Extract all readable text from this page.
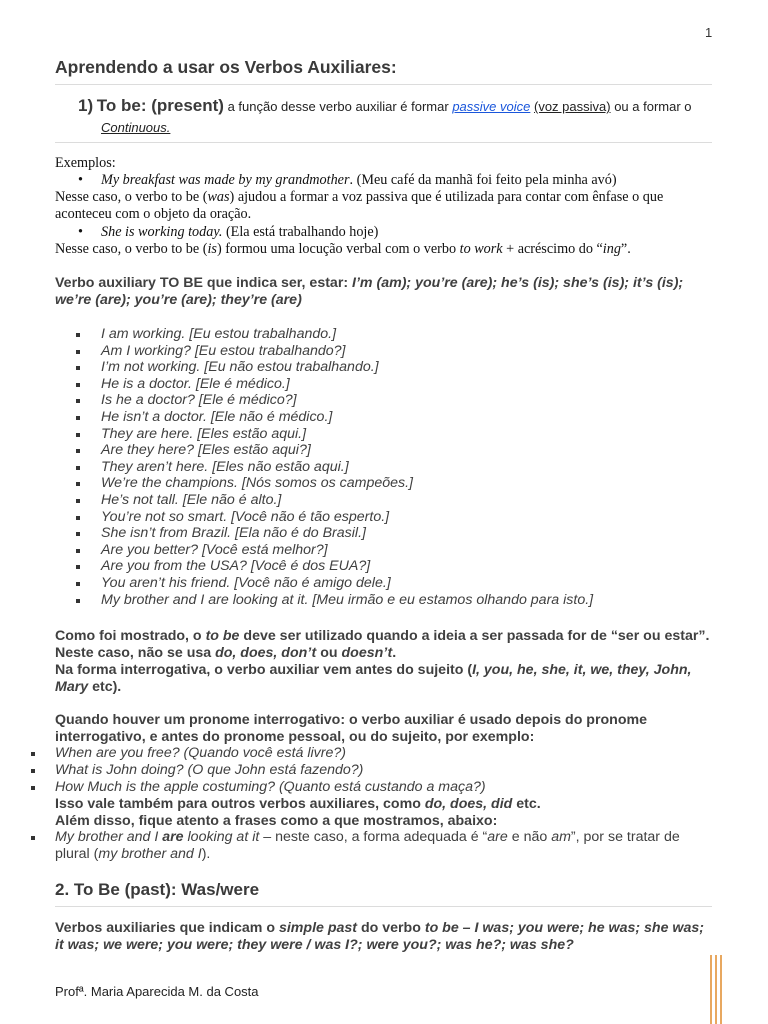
1
Aprendendo a usar os Verbos Auxiliares:
1) To be: (present) a função desse verbo auxiliar é formar passive voice (voz passiva) ou a formar o
Continuous.
Exemplos:
• My breakfast was made by my grandmother. (Meu café da manhã foi feito pela minha avó)
Nesse caso, o verbo to be (was) ajudou a formar a voz passiva que é utilizada para contar com ênfase o que aconteceu com o objeto da oração.
• She is working today. (Ela está trabalhando hoje)
Nesse caso, o verbo to be (is) formou uma locução verbal com o verbo to work + acréscimo do “ing”.
Verbo auxiliary TO BE que indica ser, estar: I’m (am); you’re (are); he’s (is); she’s (is); it’s (is); we’re (are); you’re (are); they’re (are)
I am working. [Eu estou trabalhando.]
Am I working? [Eu estou trabalhando?]
I’m not working. [Eu não estou trabalhando.]
He is a doctor. [Ele é médico.]
Is he a doctor? [Ele é médico?]
He isn’t a doctor. [Ele não é médico.]
They are here. [Eles estão aqui.]
Are they here? [Eles estão aqui?]
They aren’t here. [Eles não estão aqui.]
We’re the champions. [Nós somos os campeões.]
He’s not tall. [Ele não é alto.]
You’re not so smart. [Você não é tão esperto.]
She isn’t from Brazil. [Ela não é do Brasil.]
Are you better? [Você está melhor?]
Are you from the USA? [Você é dos EUA?]
You aren’t his friend. [Você não é amigo dele.]
My brother and I are looking at it. [Meu irmão e eu estamos olhando para isto.]
Como foi mostrado, o to be deve ser utilizado quando a ideia a ser passada for de “ser ou estar”. Neste caso, não se usa do, does, don’t ou doesn’t.
Na forma interrogativa, o verbo auxiliar vem antes do sujeito (I, you, he, she, it, we, they, John, Mary etc).
Quando houver um pronome interrogativo: o verbo auxiliar é usado depois do pronome interrogativo, e antes do pronome pessoal, ou do sujeito, por exemplo:
When are you free? (Quando você está livre?)
What is John doing? (O que John está fazendo?)
How Much is the apple costuming? (Quanto está custando a maça?)
Isso vale também para outros verbos auxiliares, como do, does, did etc.
Além disso, fique atento a frases como a que mostramos, abaixo:
My brother and I are looking at it – neste caso, a forma adequada é “are e não am”, por se tratar de plural (my brother and I).
2. To Be (past): Was/were
Verbos auxiliaries que indicam o simple past do verbo to be – I was; you were; he was; she was; it was; we were; you were; they were / was I?; were you?; was he?; was she?
Profª. Maria Aparecida M. da Costa
